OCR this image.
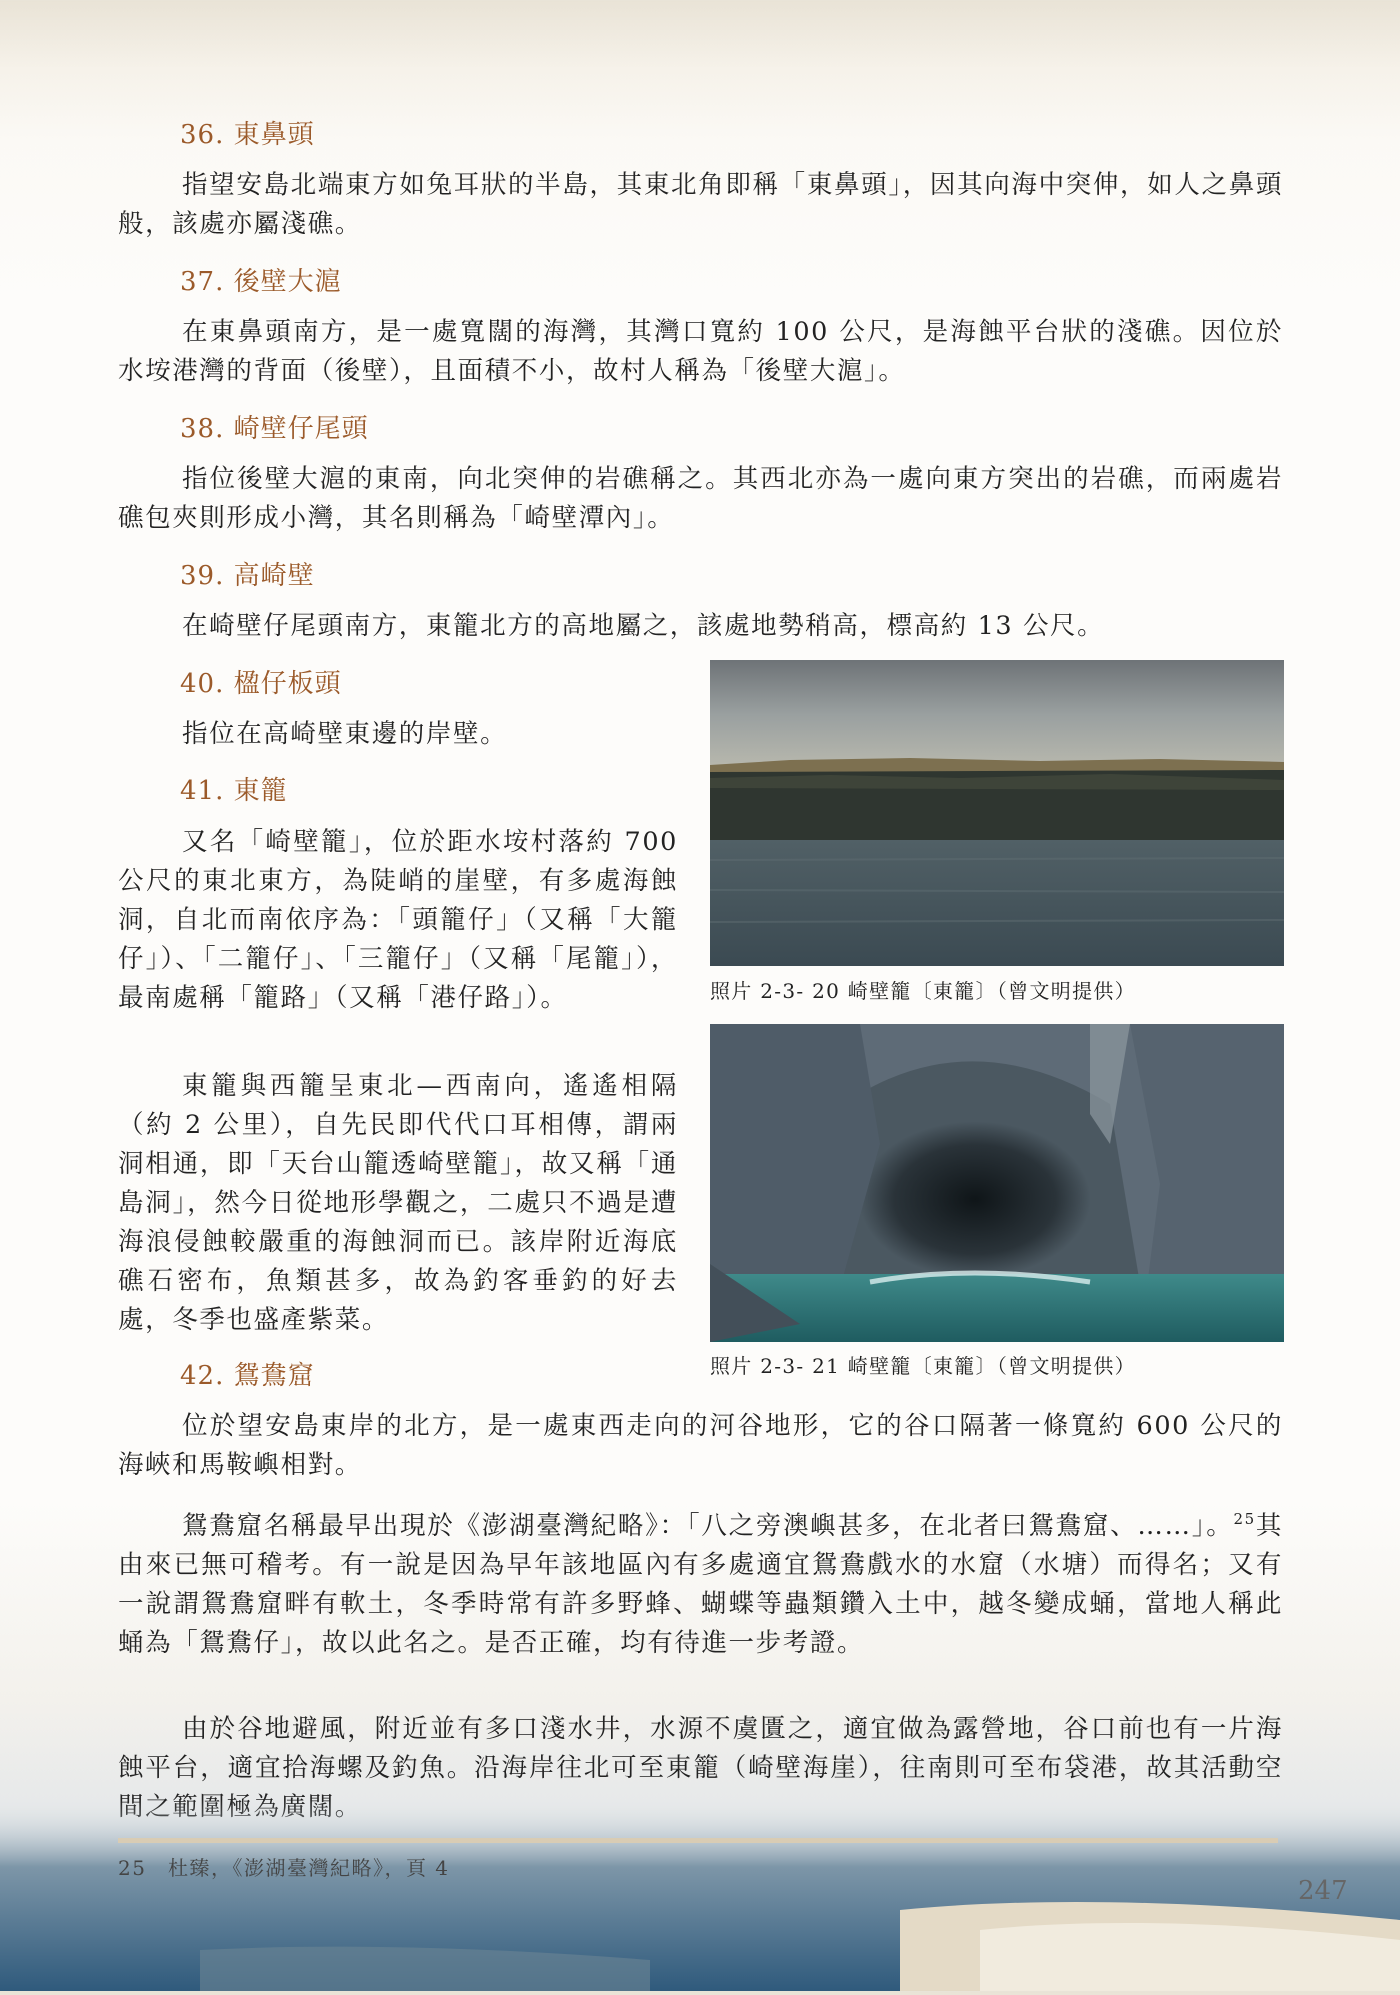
36. 東鼻頭

指望安島北端東方如兔耳狀的半島，其東北角即稱「東鼻頭」，因其向海中突伸，如人之鼻頭般，該處亦屬淺礁。

37. 後壁大滬

在東鼻頭南方，是一處寬闊的海灣，其灣口寬約 100 公尺，是海蝕平台狀的淺礁。因位於水垵港灣的背面（後壁），且面積不小，故村人稱為「後壁大滬」。

38. 崎壁仔尾頭

指位後壁大滬的東南，向北突伸的岩礁稱之。其西北亦為一處向東方突出的岩礁，而兩處岩礁包夾則形成小灣，其名則稱為「崎壁潭內」。

39. 高崎壁

在崎壁仔尾頭南方，東籠北方的高地屬之，該處地勢稍高，標高約 13 公尺。

40. 楹仔板頭

指位在高崎壁東邊的岸壁。

41. 東籠

又名「崎壁籠」，位於距水垵村落約 700 公尺的東北東方，為陡峭的崖壁，有多處海蝕洞，自北而南依序為：「頭籠仔」（又稱「大籠仔」）、「二籠仔」、「三籠仔」（又稱「尾籠」），最南處稱「籠路」（又稱「港仔路」）。

東籠與西籠呈東北—西南向，遙遙相隔（約 2 公里），自先民即代代口耳相傳，謂兩洞相通，即「天台山籠透崎壁籠」，故又稱「通島洞」，然今日從地形學觀之，二處只不過是遭海浪侵蝕較嚴重的海蝕洞而已。該岸附近海底礁石密布，魚類甚多，故為釣客垂釣的好去處，冬季也盛產紫菜。

照片 2-3- 20 崎壁籠〔東籠〕（曾文明提供）

照片 2-3- 21 崎壁籠〔東籠〕（曾文明提供）

42. 鴛鴦窟

位於望安島東岸的北方，是一處東西走向的河谷地形，它的谷口隔著一條寬約 600 公尺的海峽和馬鞍嶼相對。

鴛鴦窟名稱最早出現於《澎湖臺灣紀略》：「八之旁澳嶼甚多，在北者曰鴛鴦窟、……」。$^{25}$其由來已無可稽考。有一說是因為早年該地區內有多處適宜鴛鴦戲水的水窟（水塘）而得名；又有一說謂鴛鴦窟畔有軟土，冬季時常有許多野蜂、蝴蝶等蟲類鑽入土中，越冬變成蛹，當地人稱此蛹為「鴛鴦仔」，故以此名之。是否正確，均有待進一步考證。

由於谷地避風，附近並有多口淺水井，水源不虞匱之，適宜做為露營地，谷口前也有一片海蝕平台，適宜拾海螺及釣魚。沿海岸往北可至東籠（崎壁海崖），往南則可至布袋港，故其活動空

25　杜臻，《澎湖臺灣紀略》，頁 4

247
